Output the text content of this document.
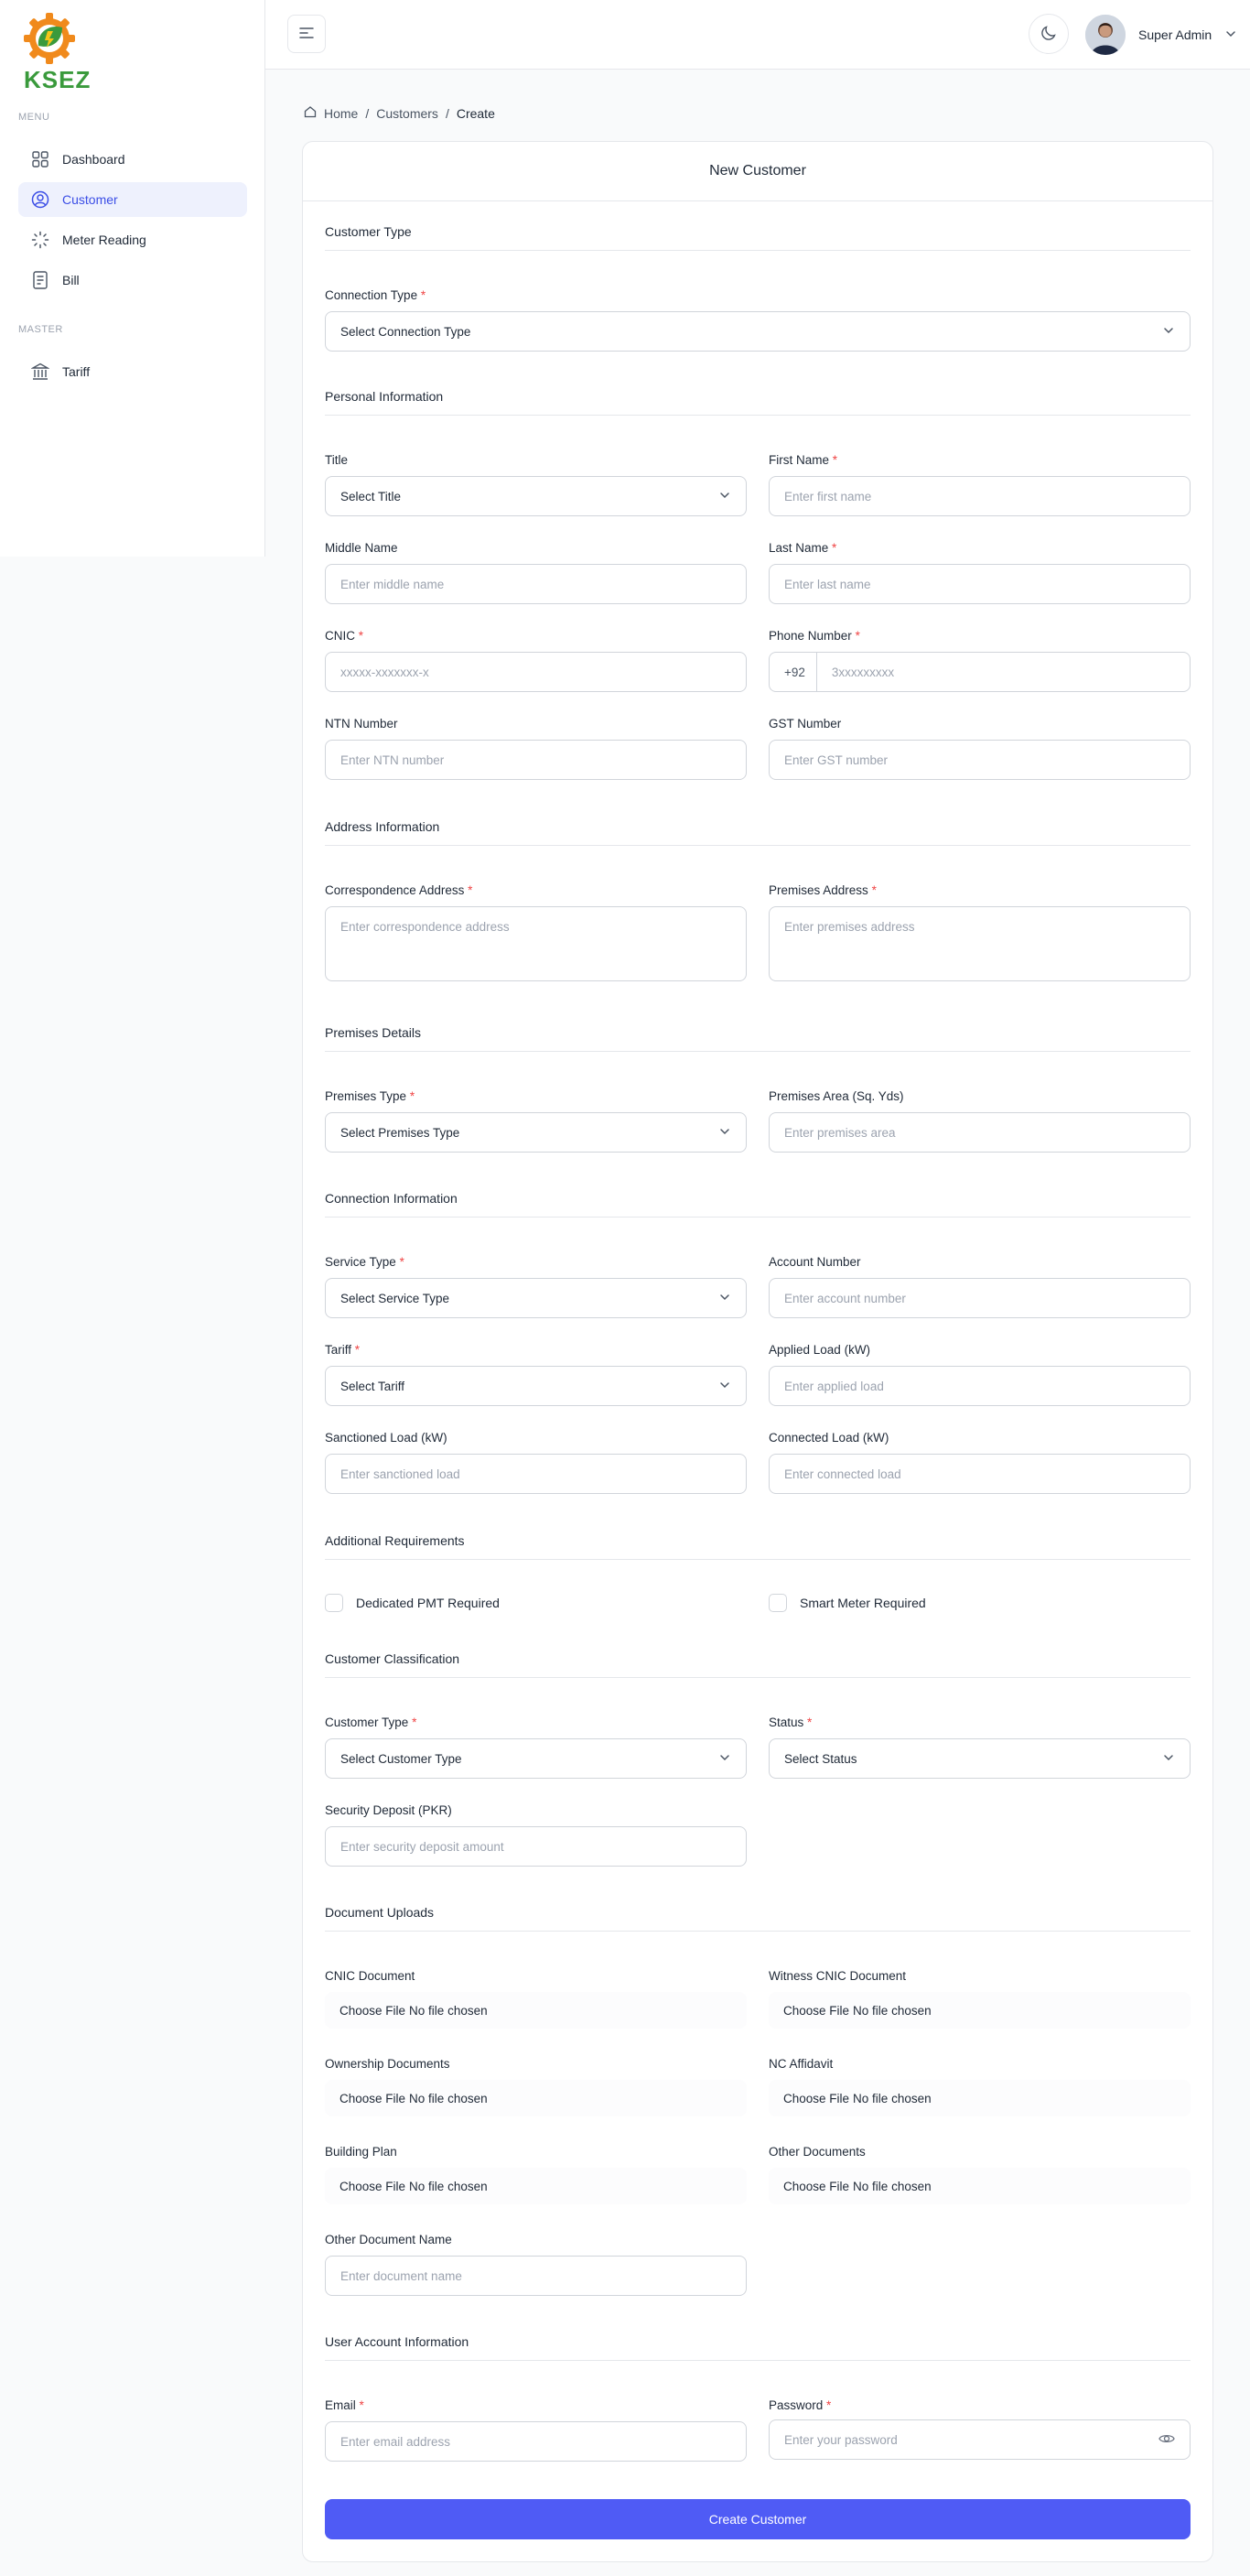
KSEZ
MENU
Dashboard
Customer
Meter Reading
Bill
MASTER
Tariff
Super Admin
Home / Customers / Create
New Customer
Customer Type
Connection Type *
Select Connection Type
Personal Information
Title
Select Title
First Name *
Enter first name
Middle Name
Enter middle name
Last Name *
Enter last name
CNIC *
xxxxx-xxxxxxx-x
Phone Number *
+92	3xxxxxxxxx
NTN Number
Enter NTN number
GST Number
Enter GST number
Address Information
Correspondence Address *
Enter correspondence address
Premises Address *
Enter premises address
Premises Details
Premises Type *
Select Premises Type
Premises Area (Sq. Yds)
Enter premises area
Connection Information
Service Type *
Select Service Type
Account Number
Enter account number
Tariff *
Select Tariff
Applied Load (kW)
Enter applied load
Sanctioned Load (kW)
Enter sanctioned load
Connected Load (kW)
Enter connected load
Additional Requirements
Dedicated PMT Required	Smart Meter Required
Customer Classification
Customer Type *
Select Customer Type
Status *
Select Status
Security Deposit (PKR)
Enter security deposit amount
Document Uploads
CNIC Document
Choose File No file chosen
Witness CNIC Document
Choose File No file chosen
Ownership Documents
Choose File No file chosen
NC Affidavit
Choose File No file chosen
Building Plan
Choose File No file chosen
Other Documents
Choose File No file chosen
Other Document Name
Enter document name
User Account Information
Email *
Enter email address
Password *
Enter your password
Create Customer
